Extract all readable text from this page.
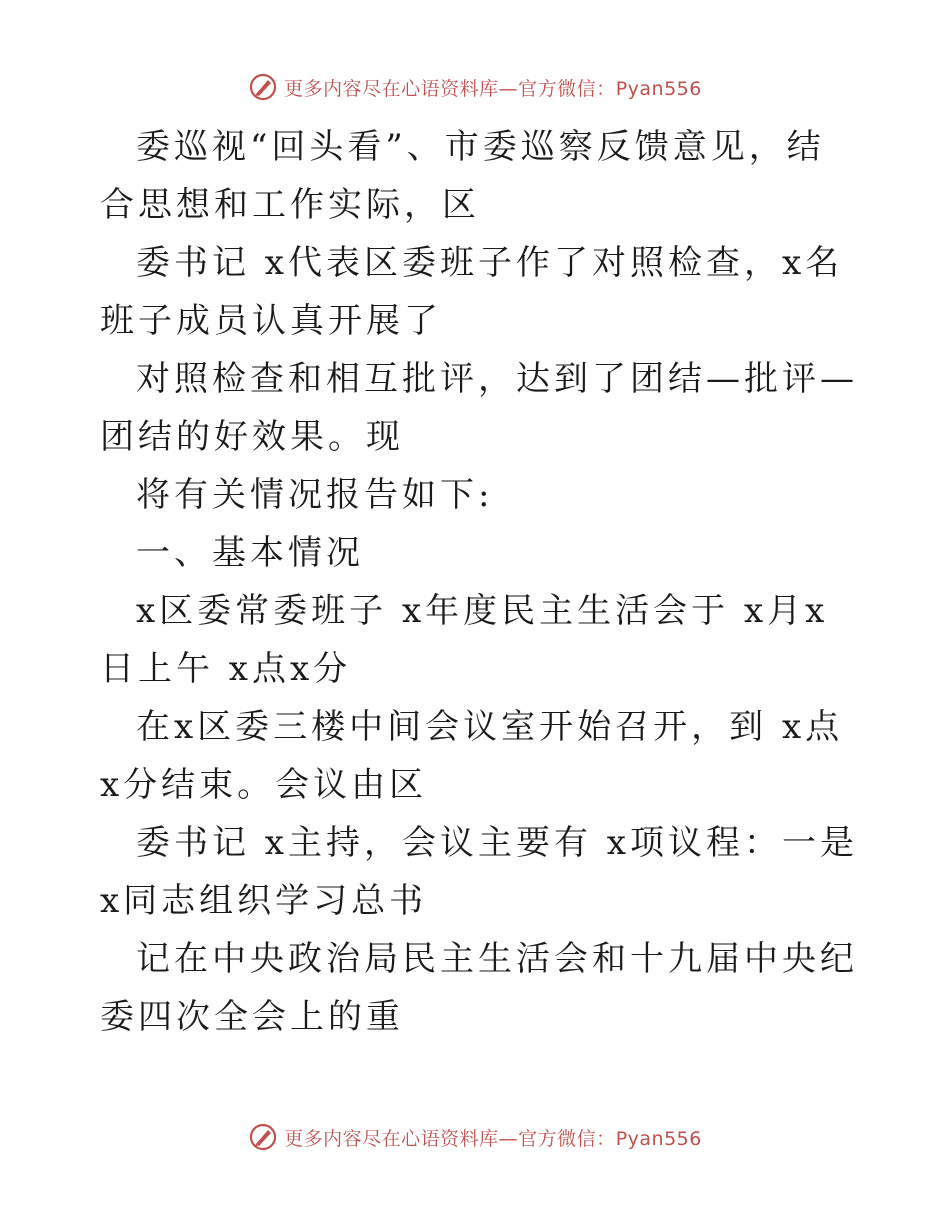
更多内容尽在心语资料库—官方微信：Pyan556

委巡视“回头看”、市委巡察反馈意见，结合思想和工作实际，区

委书记 x代表区委班子作了对照检查，x名班子成员认真开展了

对照检查和相互批评，达到了团结—批评—团结的好效果。现

将有关情况报告如下:

一、基本情况

x区委常委班子 x年度民主生活会于 x月x日上午 x点x分

在x区委三楼中间会议室开始召开，到 x点x分结束。会议由区

委书记 x主持，会议主要有 x项议程：一是 x同志组织学习总书

记在中央政治局民主生活会和十九届中央纪委四次全会上的重

更多内容尽在心语资料库—官方微信：Pyan556
